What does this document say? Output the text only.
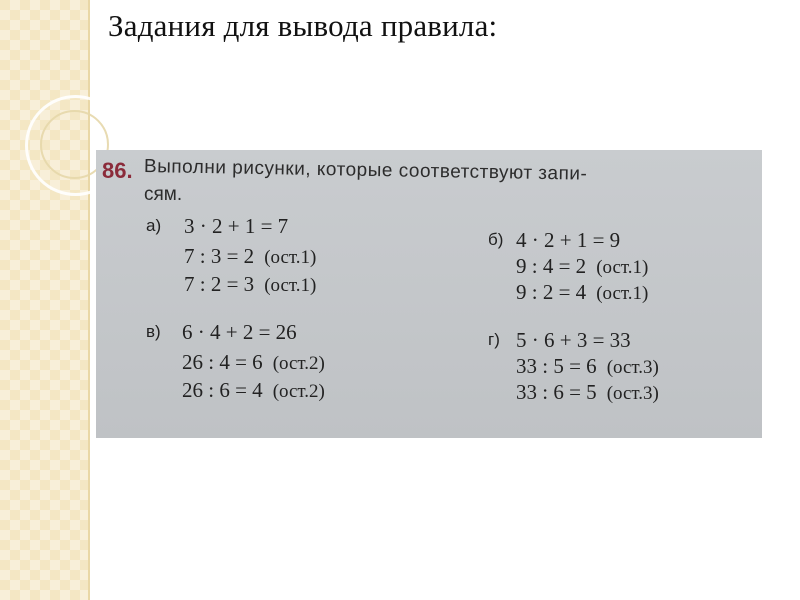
Задания для вывода правила:
86. Выполни рисунки, которые соответствуют запи-
сям.
а) 3 · 2 + 1 = 7
7 : 3 = 2 (ост.1)
7 : 2 = 3 (ост.1)
б) 4 · 2 + 1 = 9
9 : 4 = 2 (ост.1)
9 : 2 = 4 (ост.1)
в) 6 · 4 + 2 = 26
26 : 4 = 6 (ост.2)
26 : 6 = 4 (ост.2)
г) 5 · 6 + 3 = 33
33 : 5 = 6 (ост.3)
33 : 6 = 5 (ост.3)
